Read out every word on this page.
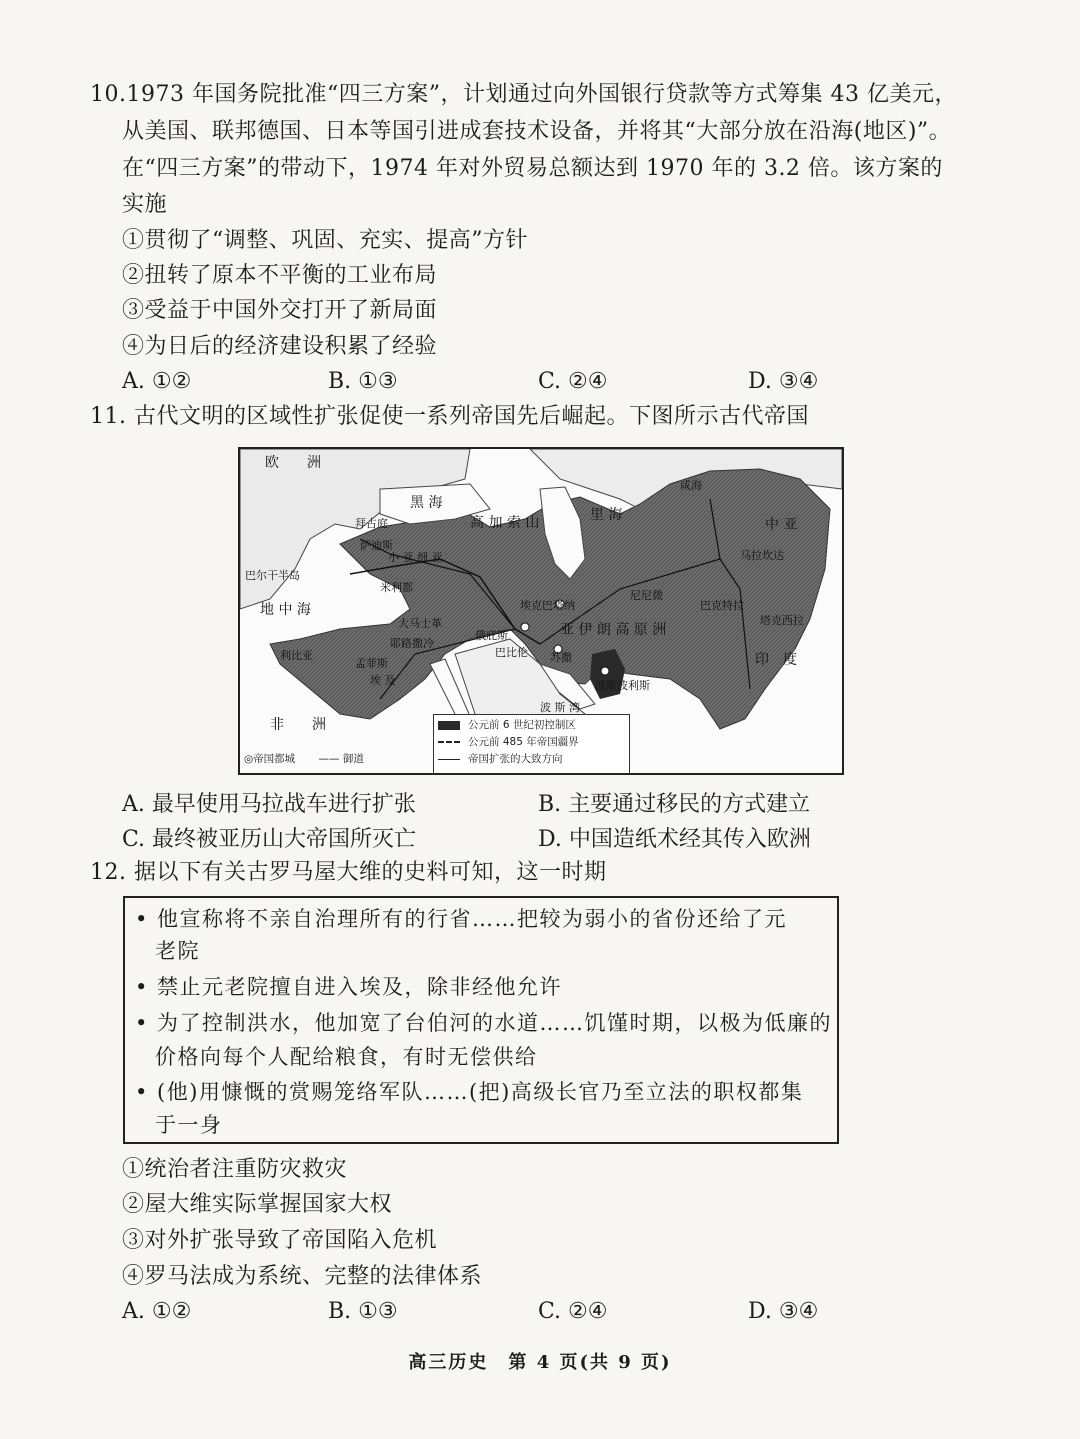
10.1973 年国务院批准“四三方案”，计划通过向外国银行贷款等方式筹集 43 亿美元，
从美国、联邦德国、日本等国引进成套技术设备，并将其“大部分放在沿海(地区)”。
在“四三方案”的带动下，1974 年对外贸易总额达到 1970 年的 3.2 倍。该方案的
实施
①贯彻了“调整、巩固、充实、提高”方针
②扭转了原本不平衡的工业布局
③受益于中国外交打开了新局面
④为日后的经济建设积累了经验
A. ①②	B. ①③	C. ②④	D. ③④
11. 古代文明的区域性扩张促使一系列帝国先后崛起。下图所示古代帝国
欧　　洲
黑 海
高 加 索 山	里 海
拜占庭
巴尔干半岛
萨迪斯
米利都
小 亚 细 亚
地 中 海
大马士革
耶路撒冷
利比亚
孟菲斯
埃 及
非　　洲
埃克巴塔纳
俄庇斯
巴比伦 苏撒
尼尼微
亚 伊 朗 高 原 洲
波斯波利斯
波 斯 湾
巴克特拉
马拉坎达
中 亚
咸海
塔克西拉
印　度
公元前 6 世纪初控制区
公元前 485 年帝国疆界
帝国扩张的大致方向
◎帝国都城 —— 御道
A. 最早使用马拉战车进行扩张	B. 主要通过移民的方式建立
C. 最终被亚历山大帝国所灭亡	D. 中国造纸术经其传入欧洲
12. 据以下有关古罗马屋大维的史料可知，这一时期
• 他宣称将不亲自治理所有的行省……把较为弱小的省份还给了元
老院
• 禁止元老院擅自进入埃及，除非经他允许
• 为了控制洪水，他加宽了台伯河的水道……饥馑时期，以极为低廉的
价格向每个人配给粮食，有时无偿供给
• (他)用慷慨的赏赐笼络军队……(把)高级长官乃至立法的职权都集
于一身
①统治者注重防灾救灾
②屋大维实际掌握国家大权
③对外扩张导致了帝国陷入危机
④罗马法成为系统、完整的法律体系
A. ①②	B. ①③	C. ②④	D. ③④
高三历史　第 4 页(共 9 页)
